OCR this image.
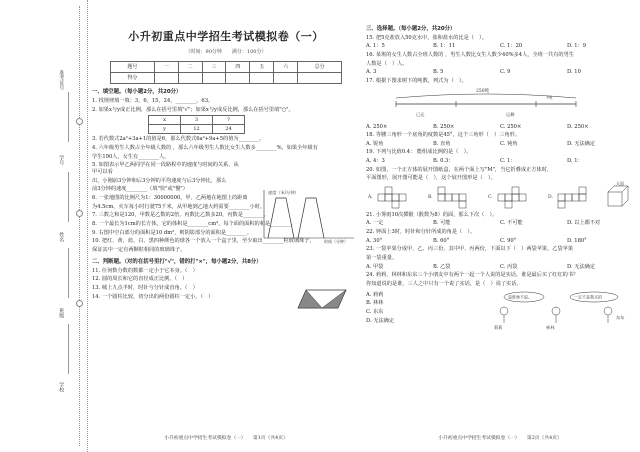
准考证号
学号
姓名
班级
学校
小升初重点中学招生考试模拟卷（一）
（时间：90分钟　　满分：100分）
题号	一	二	三	四	五	六	总分
得分							
一、填空题。（每小题2分，共20分）
1. 找规律填一填：3，6，15，24，________，63。
2. 如果x与y成正比例，那么在括号里填"√"；如果x与y成反比例，那么在括号里填"○"。
x	3	?
y	12	24
3. 若代数式2a²+3a+1的值是6，那么代数式6a²+9a+5的值为________。
4. 六年级男生人数占全年级人数的 ，那么六年级男生人数比女生人数多________%，如果全年级有
学生190人，女生有________人。
5. 如图表示甲乙两同学在同一段路程中的速度与时间的关系，从甲可以看
出，小刚前3分钟和后3分钟的平均速度与后3分钟比，那么
前3分钟的速度________（填"快"或"慢"）
速度（米/分钟）
时间（分钟）
6. 一张地图的比例尺为1：30000000，甲、乙两地在地图上的距离
为4.5cm，火车每小时行驶75千米，从甲地到乙地大约需要________小时。
7. 三数之和是120，甲数是乙数的2倍，丙数比乙数多20，丙数是________。
8. 一个最长为1cm的长方体，它的体积是________cm³，每个面的面积的和是________。
9. 右图中空白部分的面积是10 dm²，则阴影部分的面积是________。
10. 把红、黄、蓝、白、黑四种颜色的球各一个放入一个盒子里，至少取出________粒玻璃珠子，
保证其中一定有两颗粒相同的玻璃珠子。
二、判断题。（对的在括号里打"√"，错的打"×"，每小题2分，共8分）
11. 任何数分数的数都一定小于它本身。（　）
12. 圆的周长和它的直径成正比例。（　）
13. 城上九点半时，时针与分针成直角。（　）
14. 一个圆柱比较，切分出的两份圆柱一定小。（　）
小升初重点中学招生考试模拟卷（一）　　第1页（共4页）
三、选择题。（每小题2分，共20分）
15. 把5克盐放入50克水中，盐和盐水的比是（　）。
A. 1：5	B. 1：11	C. 1：20	D. 1：9
16. 某班的女生人数占全班人数的 ，男生人数比女生人数少40%多4人，全班一共有的男生
人数是（　）人。
A. 3	B. 5	C. 9	D. 10
17. 根据下图求树下的吨数，列式为（　）。
250吨
?吨
已运	运剩
A. 250×	B. 250×	C. 250×	D. 250×
18. 等腰三角形一个底角的度数是45°，这个三角形（　）三角形。
A. 锐角	B. 直角	C. 钝角	D. 无法确定
19. 下列与比值0.4： 能组成比例的是（　）。
A. 4：3	B. 0.3：	C. 1：	D. 1：
20. 如图，一个正方体的展开图纸盒，在两个面上写"M"，当它折叠成正方体时，
平面图形，展开图可能是（　），这个展开图形是（　）。
A.	B.	C.	D.
天面
21. 小雾雨10次掷骰（骰数为8）的面，那么下次（　）。
A. 一定	B. 可能	C. 不可能	D. 以上都不对
22. 钟面上3时，时针和分针所成的角是（　）。
A. 30°	B. 60°	C. 90°	D. 180°
23. 一袋苹果分成甲、乙、丙三份，其中甲、丙两份，下面以下（　）两袋苹果，乙袋苹果
第一袋重量。
A. 甲袋	B. 乙袋	C. 丙袋	D. 无法确定
24. 莉莉、林林和东东三个小朋友中有两个一起一个人说的是实话，谁是最后买了红红的书？
你知道说的是谁，三人之中只有一个说了实话，是（　）说了实话。
A. 莉莉
B. 林林
C. 东东
D. 无法确定
是谁林不说。	一定不是我买的
莉莉	林林
东东
小升初重点中学招生考试模拟卷（一）　　第2页（共4页）
